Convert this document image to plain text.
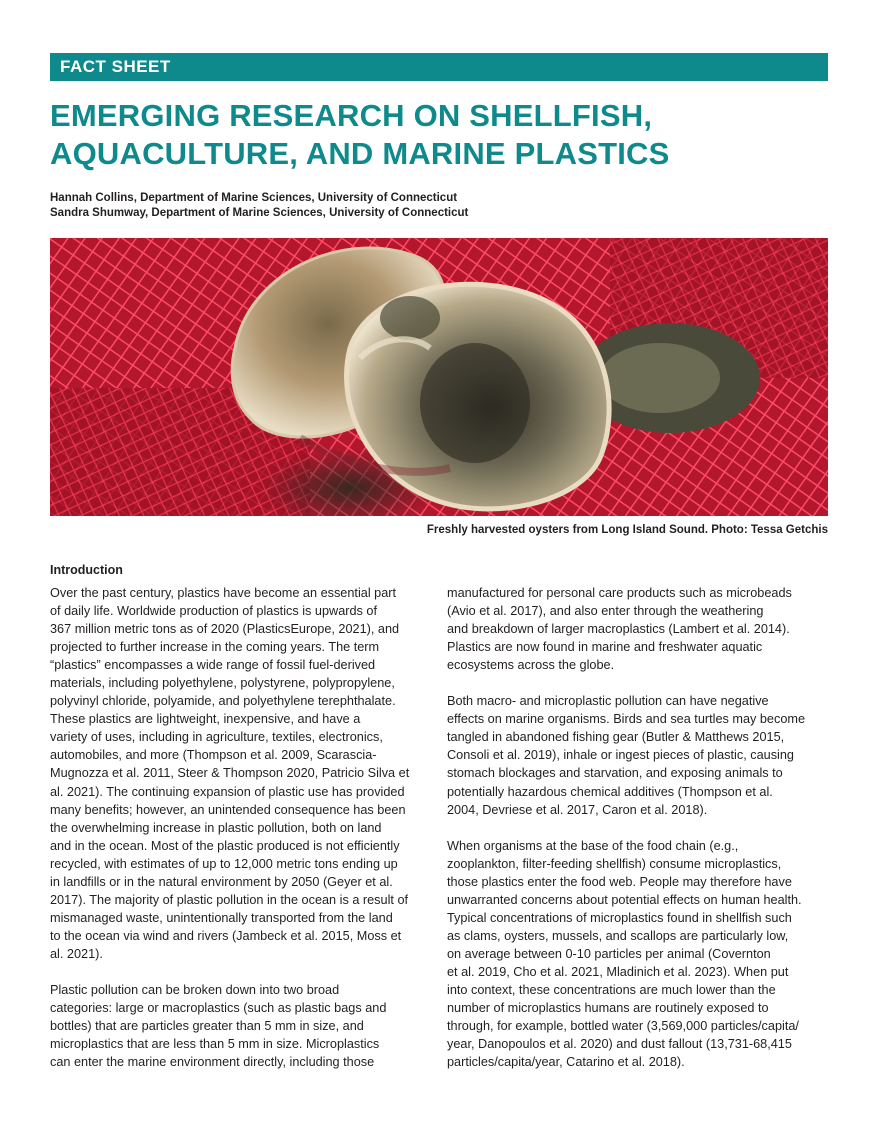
FACT SHEET
EMERGING RESEARCH ON SHELLFISH,
AQUACULTURE, AND MARINE PLASTICS
Hannah Collins, Department of Marine Sciences, University of Connecticut
Sandra Shumway, Department of Marine Sciences, University of Connecticut
Freshly harvested oysters from Long Island Sound. Photo: Tessa Getchis
Introduction

Over the past century, plastics have become an essential part
of daily life. Worldwide production of plastics is upwards of
367 million metric tons as of 2020 (PlasticsEurope, 2021), and
projected to further increase in the coming years. The term
“plastics” encompasses a wide range of fossil fuel-derived
materials, including polyethylene, polystyrene, polypropylene,
polyvinyl chloride, polyamide, and polyethylene terephthalate.
These plastics are lightweight, inexpensive, and have a
variety of uses, including in agriculture, textiles, electronics,
automobiles, and more (Thompson et al. 2009, Scarascia-
Mugnozza et al. 2011, Steer & Thompson 2020, Patricio Silva et
al. 2021). The continuing expansion of plastic use has provided
many benefits; however, an unintended consequence has been
the overwhelming increase in plastic pollution, both on land
and in the ocean. Most of the plastic produced is not efficiently
recycled, with estimates of up to 12,000 metric tons ending up
in landfills or in the natural environment by 2050 (Geyer et al.
2017). The majority of plastic pollution in the ocean is a result of
mismanaged waste, unintentionally transported from the land
to the ocean via wind and rivers (Jambeck et al. 2015, Moss et
al. 2021).

Plastic pollution can be broken down into two broad
categories: large or macroplastics (such as plastic bags and
bottles) that are particles greater than 5 mm in size, and
microplastics that are less than 5 mm in size. Microplastics
can enter the marine environment directly, including those

manufactured for personal care products such as microbeads
(Avio et al. 2017), and also enter through the weathering
and breakdown of larger macroplastics (Lambert et al. 2014).
Plastics are now found in marine and freshwater aquatic
ecosystems across the globe.

Both macro- and microplastic pollution can have negative
effects on marine organisms. Birds and sea turtles may become
tangled in abandoned fishing gear (Butler & Matthews 2015,
Consoli et al. 2019), inhale or ingest pieces of plastic, causing
stomach blockages and starvation, and exposing animals to
potentially hazardous chemical additives (Thompson et al.
2004, Devriese et al. 2017, Caron et al. 2018).

When organisms at the base of the food chain (e.g.,
zooplankton, filter-feeding shellfish) consume microplastics,
those plastics enter the food web. People may therefore have
unwarranted concerns about potential effects on human health.
Typical concentrations of microplastics found in shellfish such
as clams, oysters, mussels, and scallops are particularly low,
on average between 0-10 particles per animal (Covernton
et al. 2019, Cho et al. 2021, Mladinich et al. 2023). When put
into context, these concentrations are much lower than the
number of microplastics humans are routinely exposed to
through, for example, bottled water (3,569,000 particles/capita/
year, Danopoulos et al. 2020) and dust fallout (13,731-68,415
particles/capita/year, Catarino et al. 2018).
